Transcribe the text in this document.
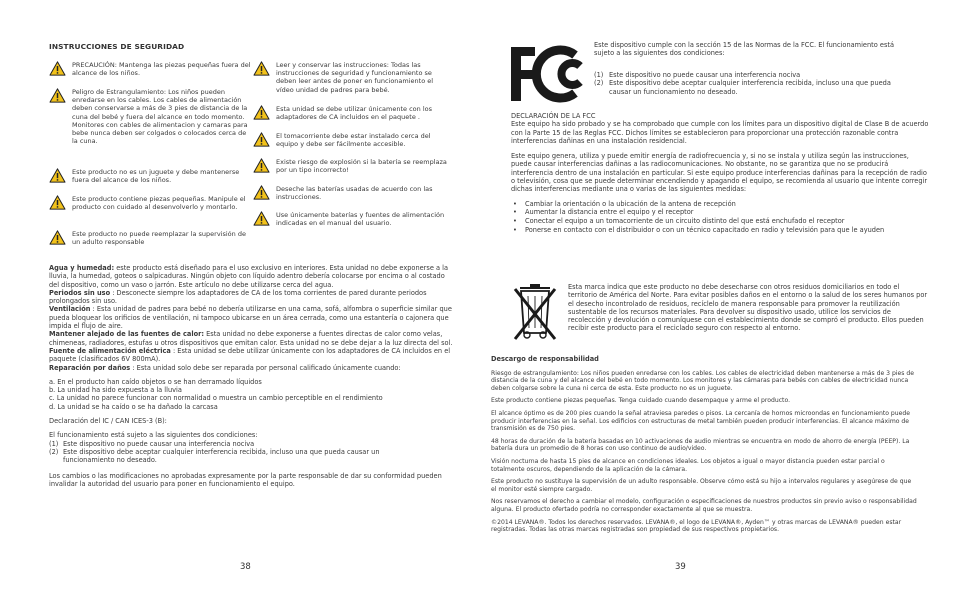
INSTRUCCIONES DE SEGURIDAD
PRECAUCIÓN: Mantenga las piezas pequeñas fuera del alcance de los niños.
Peligro de Estrangulamiento: Los niños pueden enredarse en los cables. Los cables de alimentación deben conservarse a más de 3 pies de distancia de la cuna del bebé y fuera del alcance en todo momento. Monitores con cables de alimentacion y camaras para bebe nunca deben ser colgados o colocados cerca de la cuna.
Este producto no es un juguete y debe mantenerse fuera del alcance de los niños.
Este producto contiene piezas pequeñas. Manipule el producto con cuidado al desenvolverlo y montarlo.
Este producto no puede reemplazar la supervisión de un adulto responsable
Leer y conservar las instrucciones: Todas las instrucciones de seguridad y funcionamiento se deben leer antes de poner en funcionamiento el vídeo unidad de padres para bebé.
Esta unidad se debe utilizar únicamente con los adaptadores de CA incluidos en el paquete .
El tomacorriente debe estar instalado cerca del equipo y debe ser fácilmente accesible.
Existe riesgo de explosión si la batería se reemplaza por un tipo incorrecto!
Deseche las baterías usadas de acuerdo con las instrucciones.
Use únicamente baterías y fuentes de alimentación indicadas en el manual del usuario.
Agua y humedad: este producto está diseñado para el uso exclusivo en interiores. Esta unidad no debe exponerse a la lluvia, la humedad, goteos o salpicaduras. Ningún objeto con líquido adentro debería colocarse por encima o al costado del dispositivo, como un vaso o jarrón. Este artículo no debe utilizarse cerca del agua.
Periodos sin uso : Desconecte siempre los adaptadores de CA de los toma corrientes de pared durante periodos prolongados sin uso.
Ventilación : Esta unidad de padres para bebé no debería utilizarse en una cama, sofá, alfombra o superficie similar que pueda bloquear los orificios de ventilación, ni tampoco ubicarse en un área cerrada, como una estantería o cajonera que impida el flujo de aire.
Mantener alejado de las fuentes de calor: Esta unidad no debe exponerse a fuentes directas de calor como velas, chimeneas, radiadores, estufas u otros dispositivos que emitan calor. Esta unidad no se debe dejar a la luz directa del sol.
Fuente de alimentación eléctrica : Esta unidad se debe utilizar únicamente con los adaptadores de CA incluidos en el paquete (clasificados 6V 800mA).
Reparación por daños : Esta unidad solo debe ser reparada por personal calificado únicamente cuando:
a. En el producto han caído objetos o se han derramado líquidos
b. La unidad ha sido expuesta a la lluvia
c. La unidad no parece funcionar con normalidad o muestra un cambio perceptible en el rendimiento
d. La unidad se ha caído o se ha dañado la carcasa
Declaración del IC / CAN ICES-3 (B):
El funcionamiento está sujeto a las siguientes dos condiciones:
(1) Este dispositivo no puede causar una interferencia nociva
(2) Este dispositivo debe aceptar cualquier interferencia recibida, incluso una que pueda causar un funcionamiento no deseado.
Los cambios o las modificaciones no aprobadas expresamente por la parte responsable de dar su conformidad pueden invalidar la autoridad del usuario para poner en funcionamiento el equipo.
38
Este dispositivo cumple con la sección 15 de las Normas de la FCC. El funcionamiento está sujeto a las siguientes dos condiciones:
(1) Este dispositivo no puede causar una interferencia nociva
(2) Este dispositivo debe aceptar cualquier interferencia recibida, incluso una que pueda causar un funcionamiento no deseado.
DECLARACIÓN DE LA FCC
Este equipo ha sido probado y se ha comprobado que cumple con los límites para un dispositivo digital de Clase B de acuerdo con la Parte 15 de las Reglas FCC. Dichos límites se establecieron para proporcionar una protección razonable contra interferencias dañinas en una instalación residencial.
Este equipo genera, utiliza y puede emitir energía de radiofrecuencia y, si no se instala y utiliza según las instrucciones, puede causar interferencias dañinas a las radiocomunicaciones. No obstante, no se garantiza que no se producirá interferencia dentro de una instalación en particular. Si este equipo produce interferencias dañinas para la recepción de radio o televisión, cosa que se puede determinar encendiendo y apagando el equipo, se recomienda al usuario que intente corregir dichas interferencias mediante una o varias de las siguientes medidas:
• Cambiar la orientación o la ubicación de la antena de recepción
• Aumentar la distancia entre el equipo y el receptor
• Conectar el equipo a un tomacorriente de un circuito distinto del que está enchufado el receptor
• Ponerse en contacto con el distribuidor o con un técnico capacitado en radio y televisión para que le ayuden
Esta marca indica que este producto no debe desecharse con otros residuos domiciliarios en todo el territorio de América del Norte. Para evitar posibles daños en el entorno o la salud de los seres humanos por el desecho incontrolado de residuos, recíclelo de manera responsable para promover la reutilización sustentable de los recursos materiales. Para devolver su dispositivo usado, utilice los servicios de recolección y devolución o comuníquese con el establecimiento donde se compró el producto. Ellos pueden recibir este producto para el reciclado seguro con respecto al entorno.
Descargo de responsabilidad
Riesgo de estrangulamiento: Los niños pueden enredarse con los cables. Los cables de electricidad deben mantenerse a más de 3 pies de distancia de la cuna y del alcance del bebé en todo momento. Los monitores y las cámaras para bebés con cables de electricidad nunca deben colgarse sobre la cuna ni cerca de esta. Este producto no es un juguete.
Este producto contiene piezas pequeñas. Tenga cuidado cuando desempaque y arme el producto.
El alcance óptimo es de 200 pies cuando la señal atraviesa paredes o pisos. La cercanía de hornos microondas en funcionamiento puede producir interferencias en la señal. Los edificios con estructuras de metal también pueden producir interferencias. El alcance máximo de transmisión es de 750 pies.
48 horas de duración de la batería basadas en 10 activaciones de audio mientras se encuentra en modo de ahorro de energía (PEEP). La batería dura un promedio de 8 horas con uso continuo de audio/video.
Visión nocturna de hasta 15 pies de alcance en condiciones ideales. Los objetos a igual o mayor distancia pueden estar parcial o totalmente oscuros, dependiendo de la aplicación de la cámara.
Este producto no sustituye la supervisión de un adulto responsable. Observe cómo está su hijo a intervalos regulares y asegúrese de que el monitor esté siempre cargado.
Nos reservamos el derecho a cambiar el modelo, configuración o especificaciones de nuestros productos sin previo aviso o responsabilidad alguna. El producto ofertado podría no corresponder exactamente al que se muestra.
©2014 LEVANA®. Todos los derechos reservados. LEVANA®, el logo de LEVANA®, Ayden™ y otras marcas de LEVANA® pueden estar registradas. Todas las otras marcas registradas son propiedad de sus respectivos propietarios.
39
